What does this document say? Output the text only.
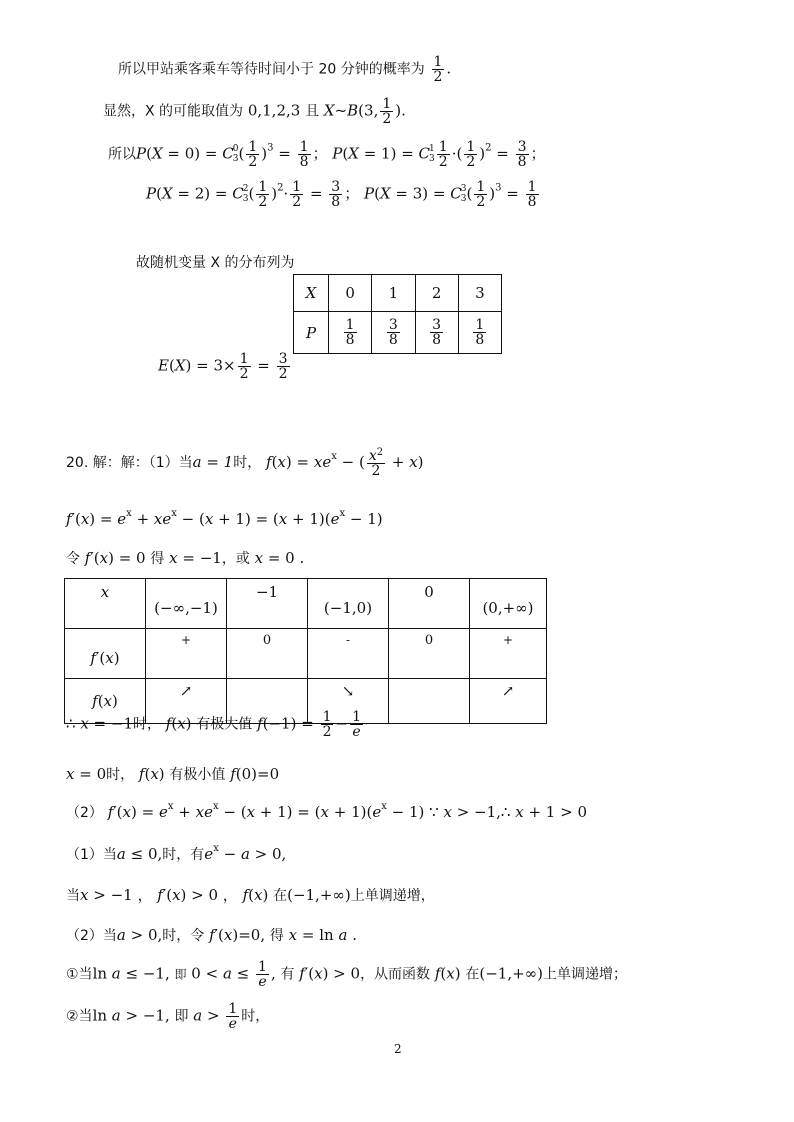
所以甲站乘客乘车等待时间小于 20 分钟的概率为 $\frac{1}{2}$ .
显然，X 的可能取值为 0,1,2,3 且 X~B(3, $\frac{1}{2}$ ).
所以P(X = 0) = C 0
3 ( $\frac{1}{2} )^3 = \frac{1}{8}$ ； P(X = 1) = C 1
$3 \frac{1}{2}$ ·( $\frac{1}{2} )^2 = \frac{3}{8}$ ；
P(X = 2) = C 2
3 ( $\frac{1}{2} )^2\cdot \frac{1}{2} = \frac{3}{8}$ ； P(X = 3) = C 3
3 ( $\frac{1}{2} )^3 = \frac{1}{8}$
故随机变量 X 的分布列为
X	0	1	2	3
P	$\frac{1}{8}$	$\frac{3}{8}$	$\frac{3}{8}$	$\frac{1}{8}$
$E(X) = 3\times \frac{1}{2} = \frac{3}{2}$
20. 解：解：（1）当a = 1时， $f(x) = xe^x$ − ( $\frac{x^2}{2} + x$)
$f'(x) = e^x + xe^x - (x + 1) = (x + 1)(e^x - 1)$
令 f′(x) = 0 得 x = −1，或 x = 0 .
x	(−∞,−1)	−1	(−1,0)	0	(0,+∞)
f′(x)	+	0	-	0	+
f(x)	↗		↘		↗
∴ x = −1时， f(x) 有极大值 $f(-1) = \frac{1}{2} - \frac{1}{e}$
x = 0时， f(x) 有极小值 f(0)=0
（2） $f'(x) = e^x + xe^x - (x + 1) = (x + 1)(e^x - 1)$ ∵ x > −1,∴ x + 1 > 0
（1）当a ≤ 0,时，有$e^x - a > 0$,
当x > −1 ， f′(x) > 0 ， f(x) 在(−1,+∞)上单调递增，
（2）当a > 0,时，令 f′(x)=0, 得 x = ln a .
①当ln a ≤ −1, 即 $0 < a \le \frac{1}{e}$ , 有 f′(x) > 0，从而函数 f(x) 在(−1,+∞)上单调递增；
②当ln a > −1, 即 $a > \frac{1}{e}$ 时，
2
